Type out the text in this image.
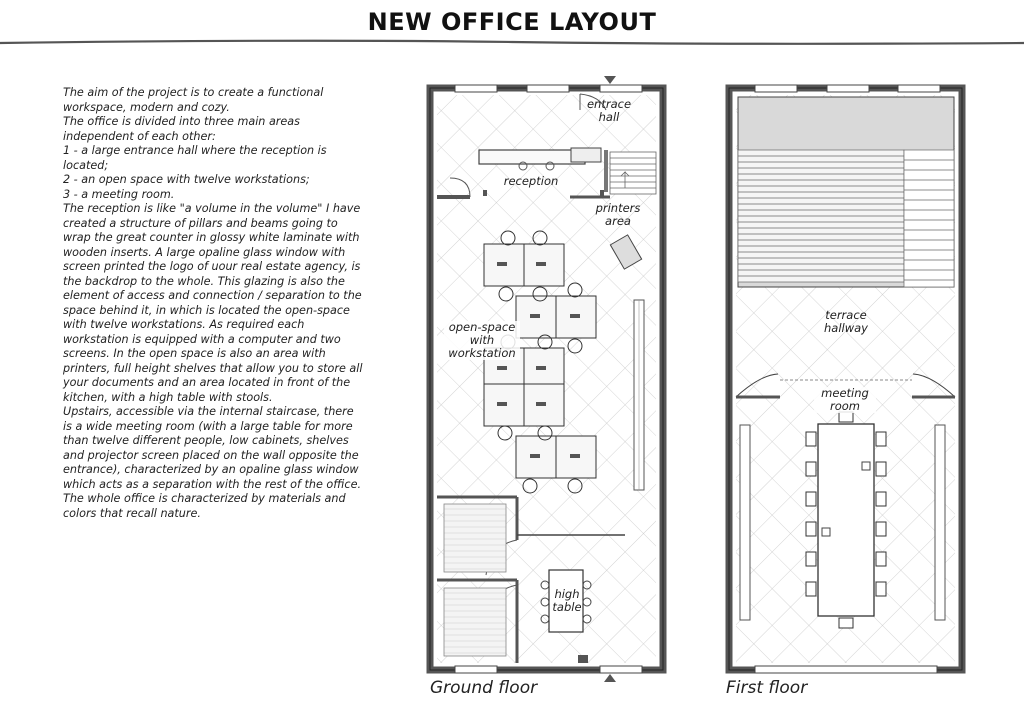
NEW OFFICE LAYOUT

The aim of the project is to create a functional workspace, modern and cozy.

The office is divided into three main areas independent of each other:

1 - a large entrance hall where the reception is located;

2 - an open space with twelve workstations;

3 - a meeting room.

The reception is like "a volume in the volume" I have created a structure of pillars and beams going to wrap the great counter in glossy white laminate with wooden inserts. A large opaline glass window with screen printed the logo of uour real estate agency, is the backdrop to the whole. This glazing is also the element of access and connection / separation to the space behind it, in which is located the open-space with twelve workstations. As required each workstation is equipped with a computer and two screens. In the open space is also an area with printers, full height shelves that allow you to store all your documents and an area located in front of the kitchen, with a high table with stools.

Upstairs, accessible via the internal staircase, there is a wide meeting room (with a large table for more than twelve different people, low cabinets, shelves and projector screen placed on the wall opposite the entrance), characterized by an opaline glass window which acts as a separation with the rest of the office.

The whole office is characterized by materials and colors that recall nature.

entrace hall
reception
printers area
open-space with workstation
high table
terrace hallway
meeting room
Ground floor	First floor
